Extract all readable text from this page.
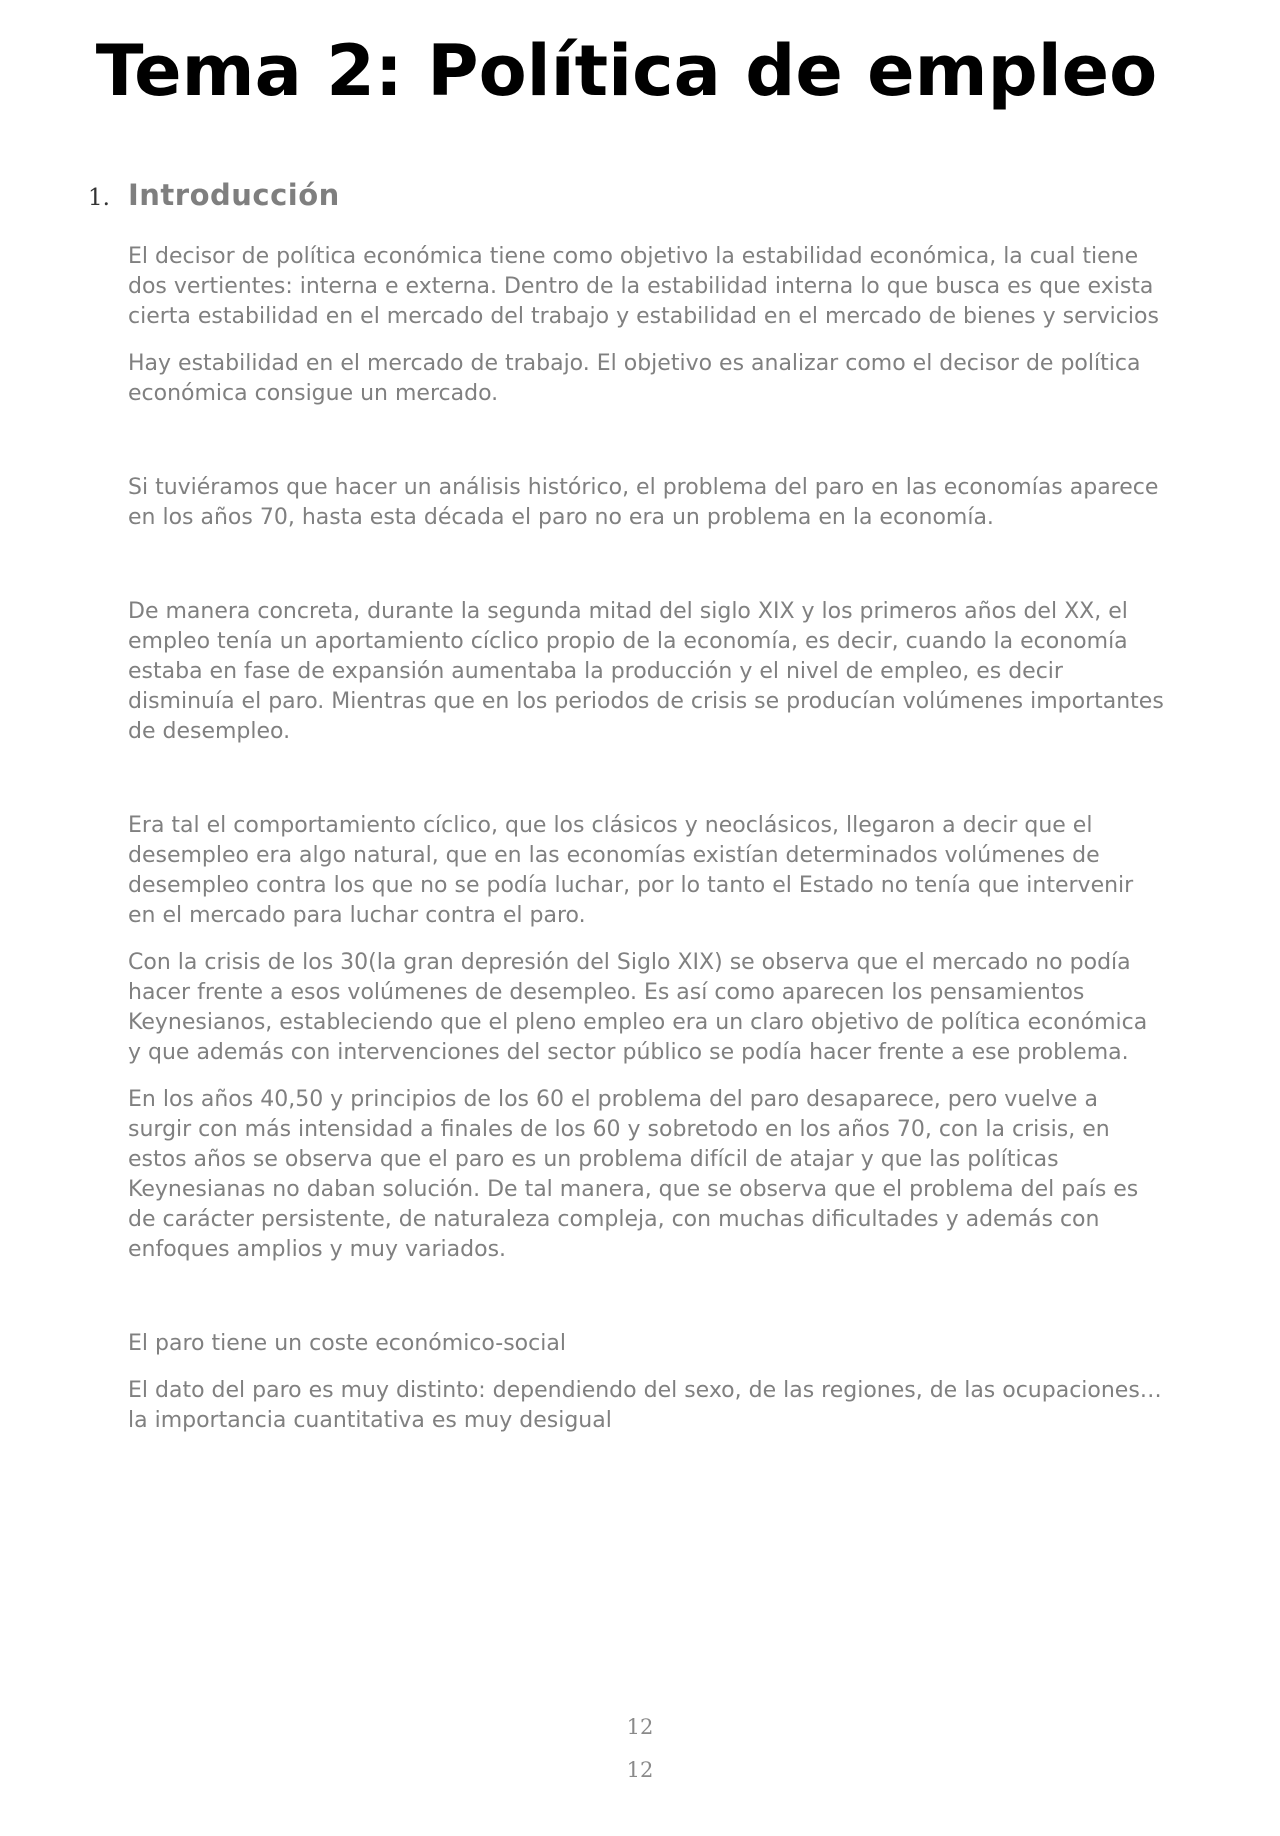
Tema 2: Política de empleo
1. Introducción

El decisor de política económica tiene como objetivo la estabilidad económica, la cual tiene dos vertientes: interna e externa. Dentro de la estabilidad interna lo que busca es que exista cierta estabilidad en el mercado del trabajo y estabilidad en el mercado de bienes y servicios

Hay estabilidad en el mercado de trabajo. El objetivo es analizar como el decisor de política económica consigue un mercado.

Si tuviéramos que hacer un análisis histórico, el problema del paro en las economías aparece en los años 70, hasta esta década el paro no era un problema en la economía.

De manera concreta, durante la segunda mitad del siglo XIX y los primeros años del XX, el empleo tenía un aportamiento cíclico propio de la economía, es decir, cuando la economía estaba en fase de expansión aumentaba la producción y el nivel de empleo, es decir disminuía el paro. Mientras que en los periodos de crisis se producían volúmenes importantes de desempleo.

Era tal el comportamiento cíclico, que los clásicos y neoclásicos, llegaron a decir que el desempleo era algo natural, que en las economías existían determinados volúmenes de desempleo contra los que no se podía luchar, por lo tanto el Estado no tenía que intervenir en el mercado para luchar contra el paro.

Con la crisis de los 30(la gran depresión del Siglo XIX) se observa que el mercado no podía hacer frente a esos volúmenes de desempleo. Es así como aparecen los pensamientos Keynesianos, estableciendo que el pleno empleo era un claro objetivo de política económica y que además con intervenciones del sector público se podía hacer frente a ese problema.

En los años 40,50 y principios de los 60 el problema del paro desaparece, pero vuelve a surgir con más intensidad a finales de los 60 y sobretodo en los años 70, con la crisis, en estos años se observa que el paro es un problema difícil de atajar y que las políticas Keynesianas no daban solución. De tal manera, que se observa que el problema del país es de carácter persistente, de naturaleza compleja, con muchas dificultades y además con enfoques amplios y muy variados.

El paro tiene un coste económico-social

El dato del paro es muy distinto: dependiendo del sexo, de las regiones, de las ocupaciones… la importancia cuantitativa es muy desigual

12
12
